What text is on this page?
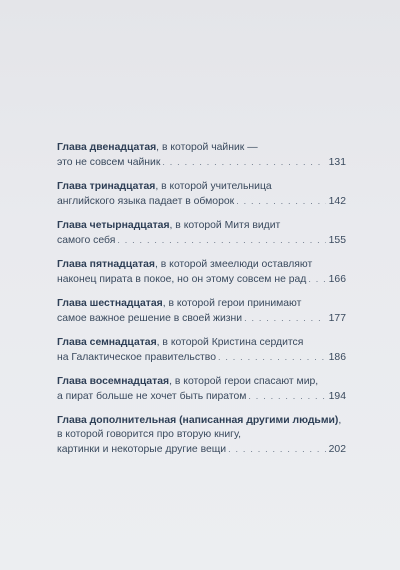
Глава двенадцатая, в которой чайник —
это не совсем чайник . . .	131
Глава тринадцатая, в которой учительница
английского языка падает в обморок . . .	142
Глава четырнадцатая, в которой Митя видит
самого себя . . .	155
Глава пятнадцатая, в которой змеелюди оставляют
наконец пирата в покое, но он этому совсем не рад . . . 166
Глава шестнадцатая, в которой герои принимают
самое важное решение в своей жизни . . .	177
Глава семнадцатая, в которой Кристина сердится
на Галактическое правительство . . .	186
Глава восемнадцатая, в которой герои спасают мир,
а пират больше не хочет быть пиратом . . .	194
Глава дополнительная (написанная другими людьми), в которой говорится про вторую книгу,
картинки и некоторые другие вещи . . .	202
